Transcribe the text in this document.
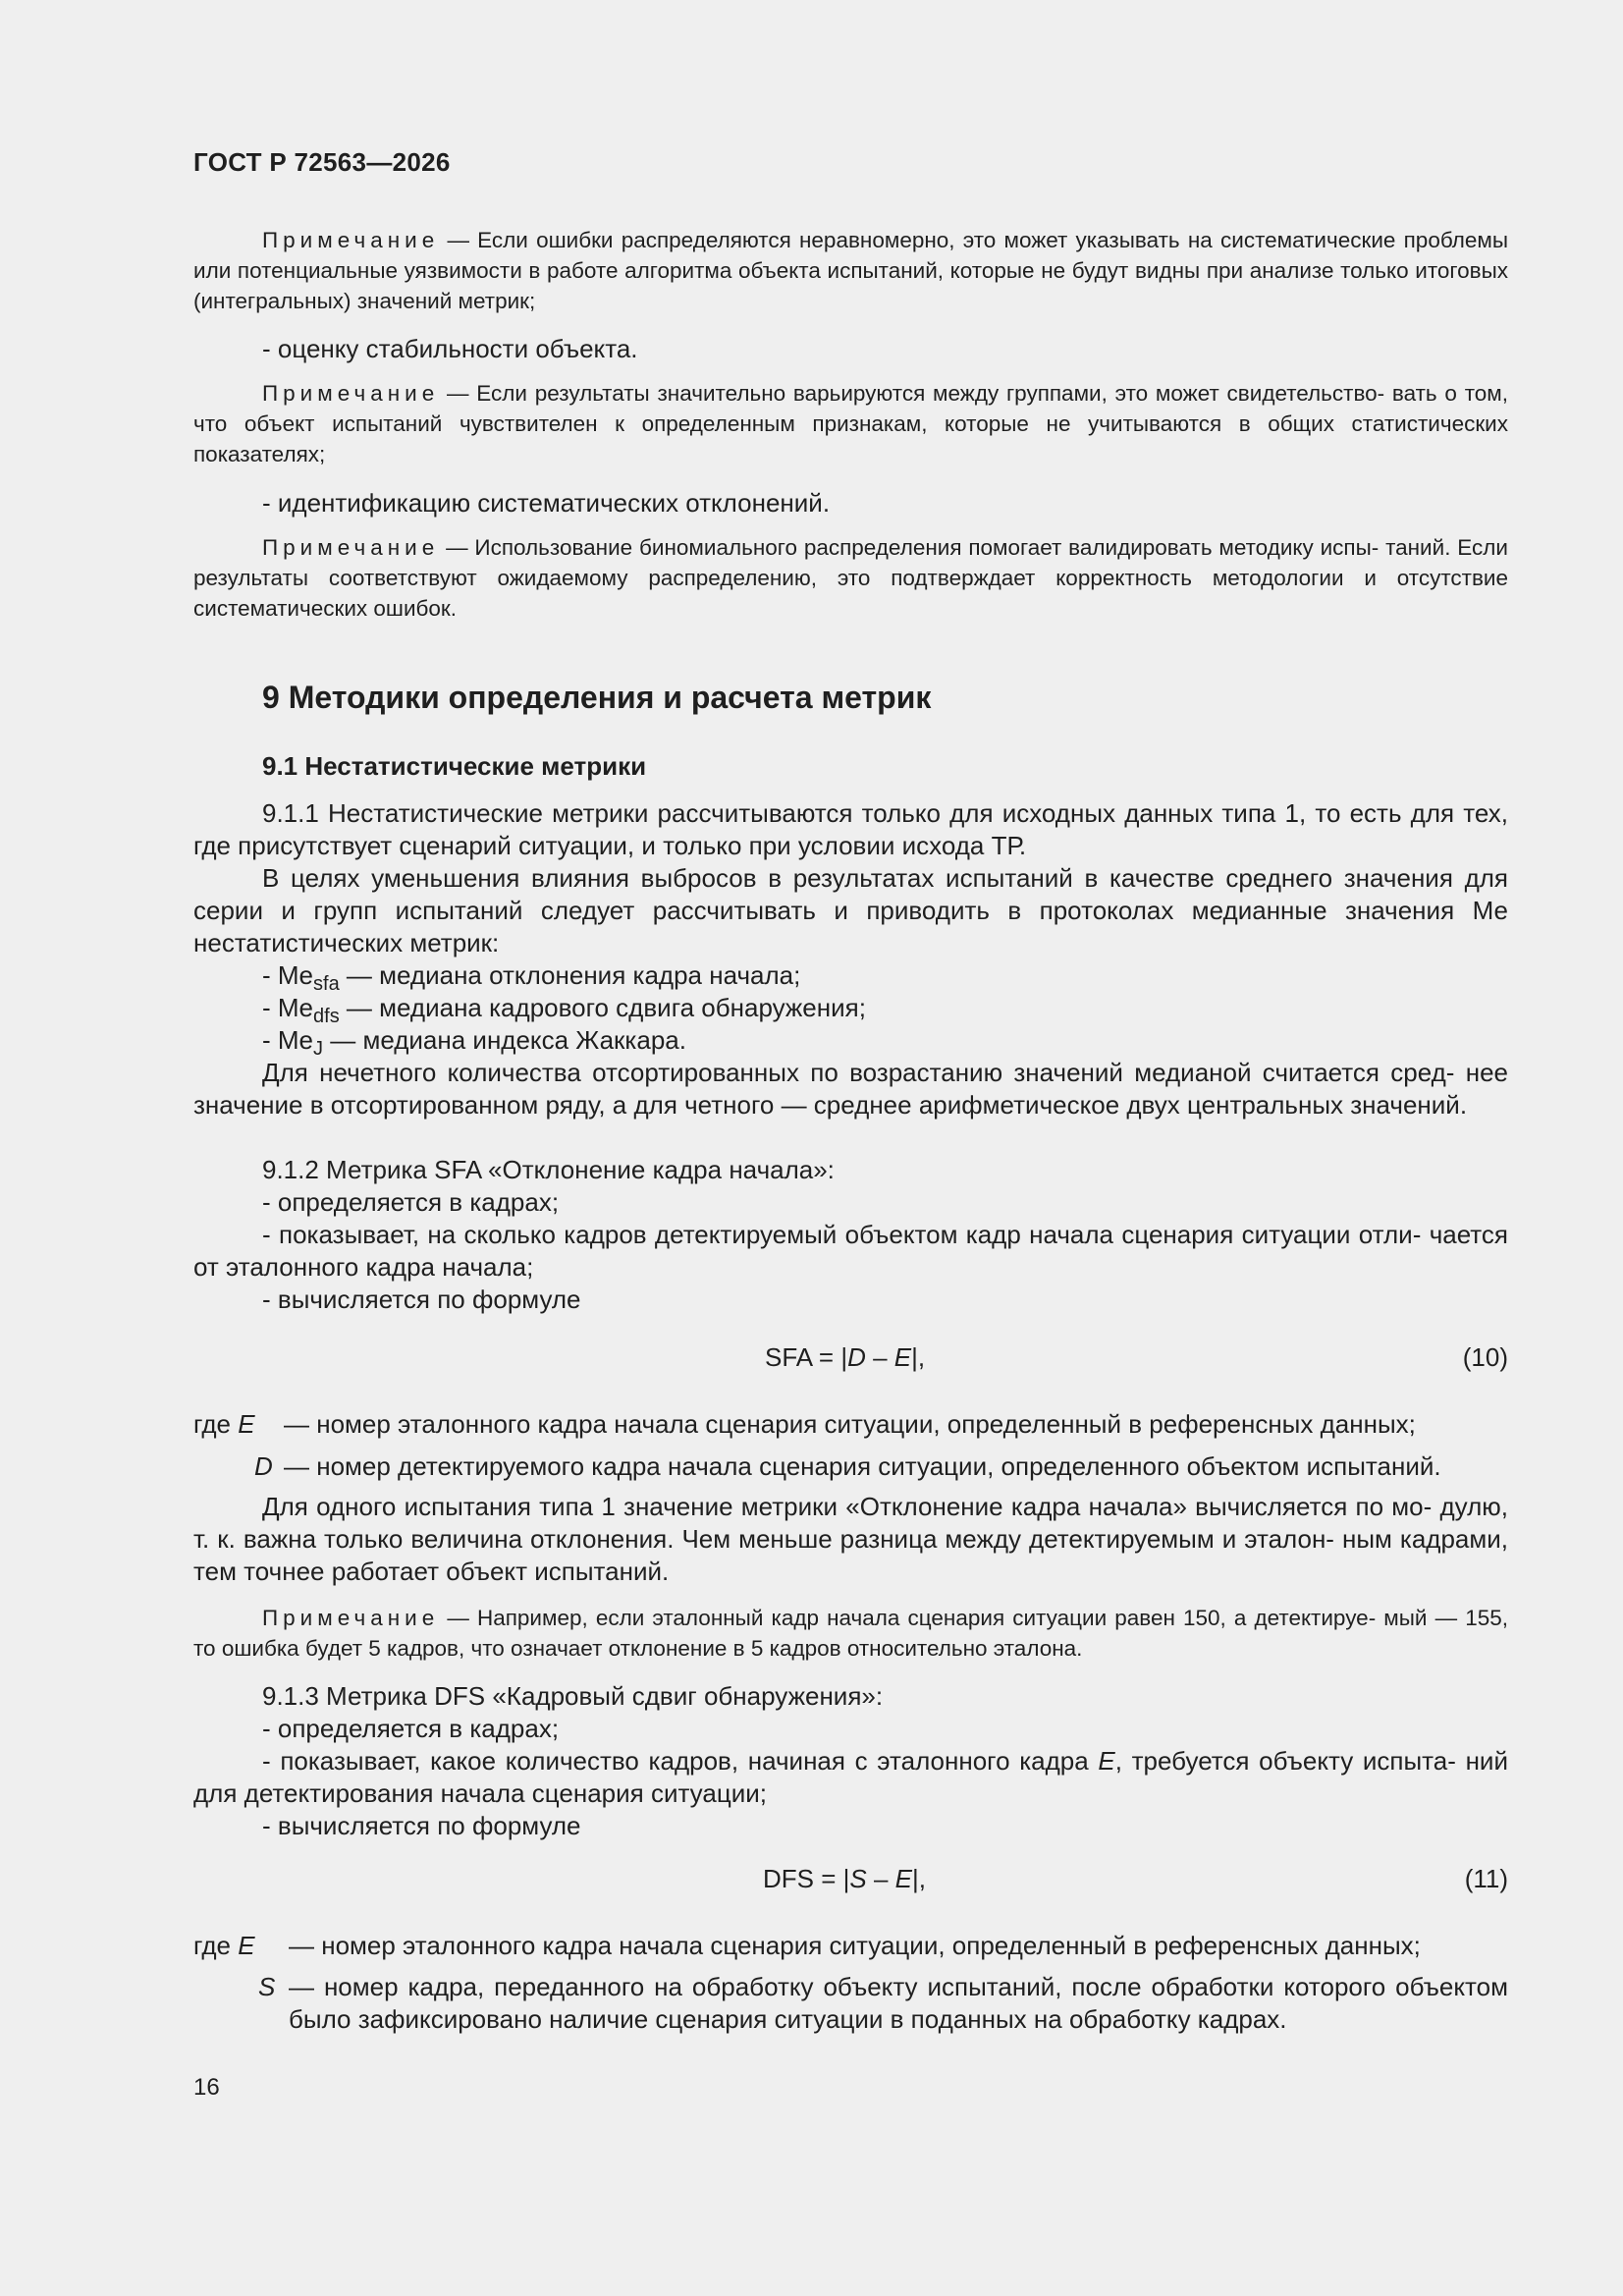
ГОСТ Р 72563—2026
Примечание — Если ошибки распределяются неравномерно, это может указывать на систематические проблемы или потенциальные уязвимости в работе алгоритма объекта испытаний, которые не будут видны при анализе только итоговых (интегральных) значений метрик;
- оценку стабильности объекта.
Примечание — Если результаты значительно варьируются между группами, это может свидетельство- вать о том, что объект испытаний чувствителен к определенным признакам, которые не учитываются в общих статистических показателях;
- идентификацию систематических отклонений.
Примечание — Использование биномиального распределения помогает валидировать методику испы- таний. Если результаты соответствуют ожидаемому распределению, это подтверждает корректность методологии и отсутствие систематических ошибок.
9 Методики определения и расчета метрик
9.1 Нестатистические метрики
9.1.1 Нестатистические метрики рассчитываются только для исходных данных типа 1, то есть для тех, где присутствует сценарий ситуации, и только при условии исхода ТР.
В целях уменьшения влияния выбросов в результатах испытаний в качестве среднего значения для серии и групп испытаний следует рассчитывать и приводить в протоколах медианные значения Ме нестатистических метрик:
- $Me_{sfa}$ — медиана отклонения кадра начала;
- $Me_{dfs}$ — медиана кадрового сдвига обнаружения;
- $Me_J$ — медиана индекса Жаккара.
Для нечетного количества отсортированных по возрастанию значений медианой считается сред- нее значение в отсортированном ряду, а для четного — среднее арифметическое двух центральных значений.
9.1.2 Метрика SFA «Отклонение кадра начала»:
- определяется в кадрах;
- показывает, на сколько кадров детектируемый объектом кадр начала сценария ситуации отли- чается от эталонного кадра начала;
- вычисляется по формуле
SFA = |D – E|,	(10)
где E — номер эталонного кадра начала сценария ситуации, определенный в референсных данных;
D — номер детектируемого кадра начала сценария ситуации, определенного объектом испытаний.
Для одного испытания типа 1 значение метрики «Отклонение кадра начала» вычисляется по мо- дулю, т. к. важна только величина отклонения. Чем меньше разница между детектируемым и эталон- ным кадрами, тем точнее работает объект испытаний.
Примечание — Например, если эталонный кадр начала сценария ситуации равен 150, а детектируе- мый — 155, то ошибка будет 5 кадров, что означает отклонение в 5 кадров относительно эталона.
9.1.3 Метрика DFS «Кадровый сдвиг обнаружения»:
- определяется в кадрах;
- показывает, какое количество кадров, начиная с эталонного кадра E, требуется объекту испыта- ний для детектирования начала сценария ситуации;
- вычисляется по формуле
DFS = |S – E|,	(11)
где E — номер эталонного кадра начала сценария ситуации, определенный в референсных данных;
S — номер кадра, переданного на обработку объекту испытаний, после обработки которого объектом было зафиксировано наличие сценария ситуации в поданных на обработку кадрах.
16
